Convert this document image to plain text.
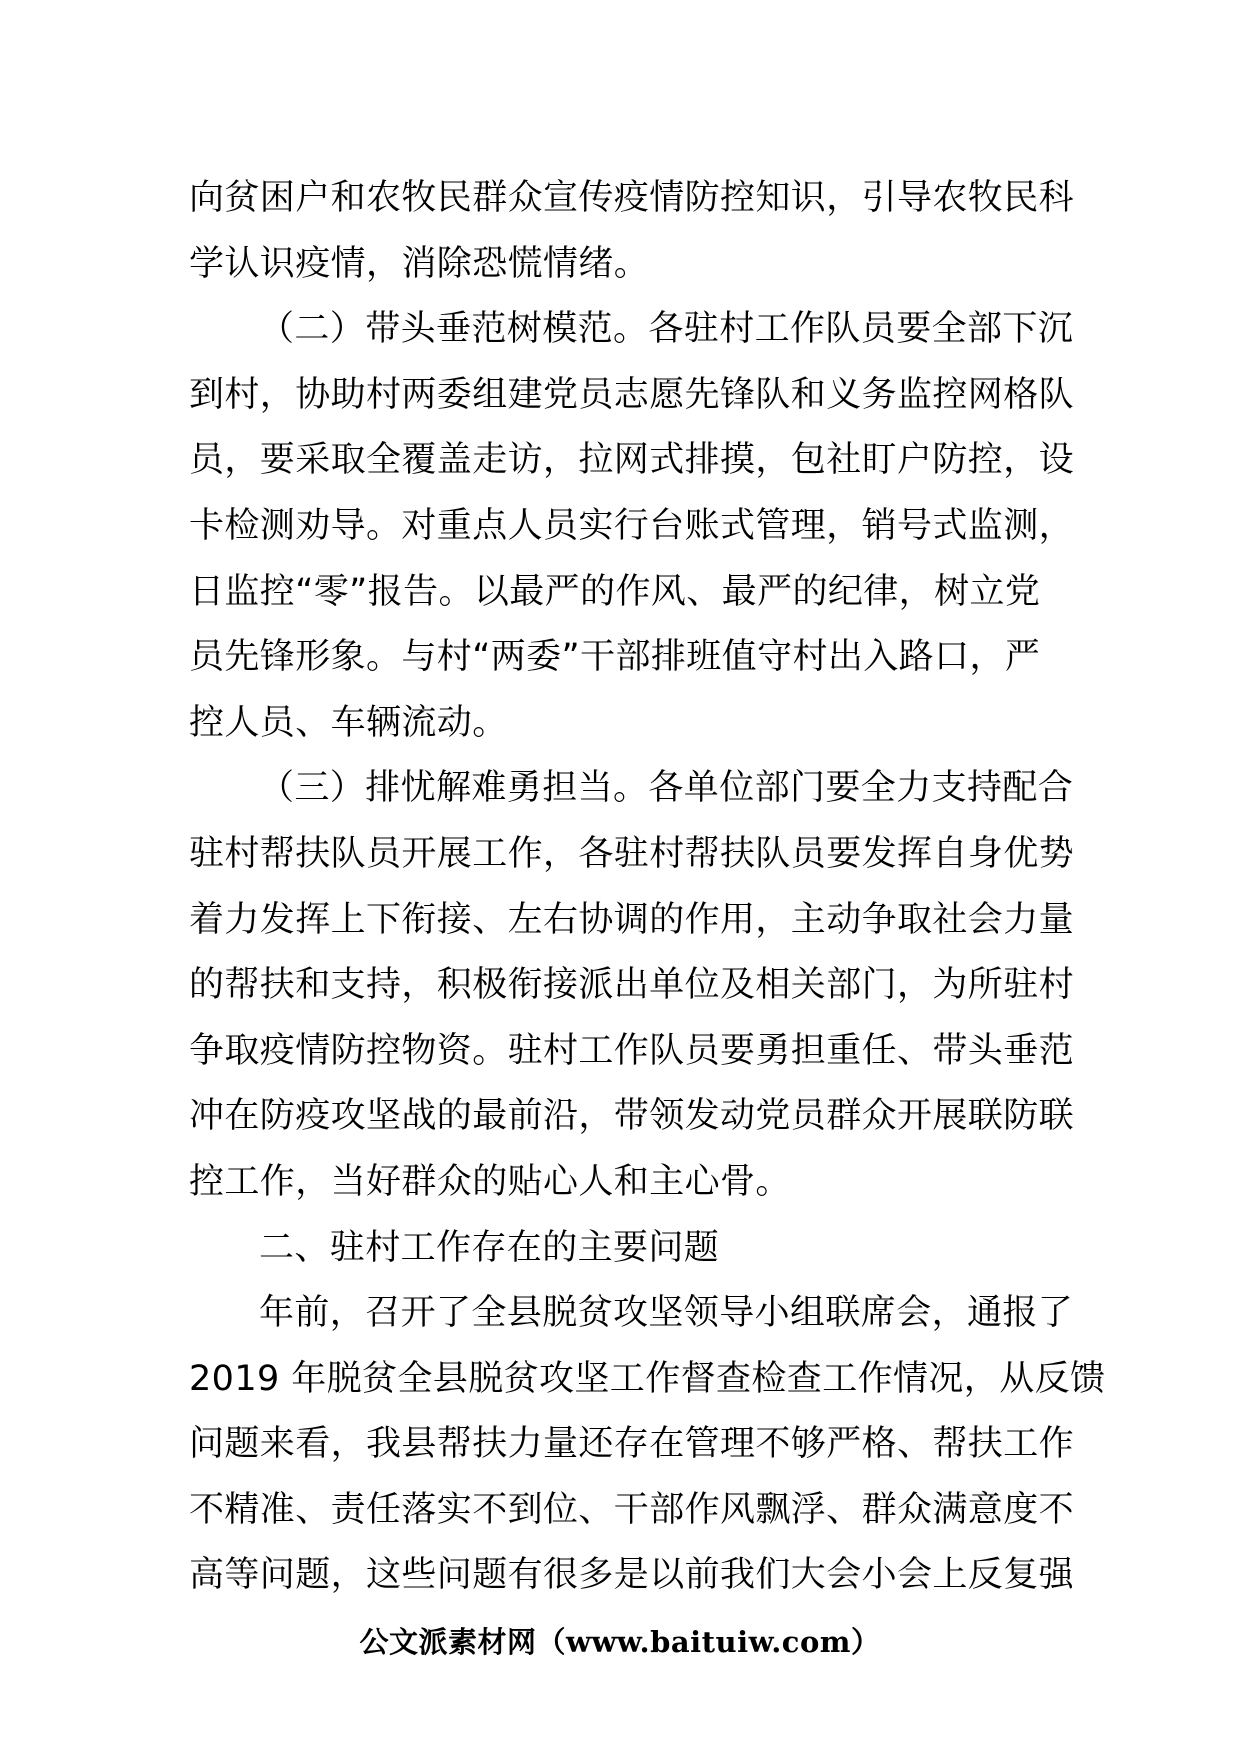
向贫困户和农牧民群众宣传疫情防控知识，引导农牧民科
学认识疫情，消除恐慌情绪。
（二）带头垂范树模范。各驻村工作队员要全部下沉
到村，协助村两委组建党员志愿先锋队和义务监控网格队
员，要采取全覆盖走访，拉网式排摸，包社盯户防控，设
卡检测劝导。对重点人员实行台账式管理，销号式监测，
日监控“零”报告。以最严的作风、最严的纪律，树立党
员先锋形象。与村“两委”干部排班值守村出入路口，严
控人员、车辆流动。
（三）排忧解难勇担当。各单位部门要全力支持配合
驻村帮扶队员开展工作，各驻村帮扶队员要发挥自身优势
着力发挥上下衔接、左右协调的作用，主动争取社会力量
的帮扶和支持，积极衔接派出单位及相关部门，为所驻村
争取疫情防控物资。驻村工作队员要勇担重任、带头垂范
冲在防疫攻坚战的最前沿，带领发动党员群众开展联防联
控工作，当好群众的贴心人和主心骨。
二、驻村工作存在的主要问题
年前，召开了全县脱贫攻坚领导小组联席会，通报了
2019 年脱贫全县脱贫攻坚工作督查检查工作情况，从反馈
问题来看，我县帮扶力量还存在管理不够严格、帮扶工作
不精准、责任落实不到位、干部作风飘浮、群众满意度不
高等问题，这些问题有很多是以前我们大会小会上反复强
公文派素材网（www.baituiw.com）
